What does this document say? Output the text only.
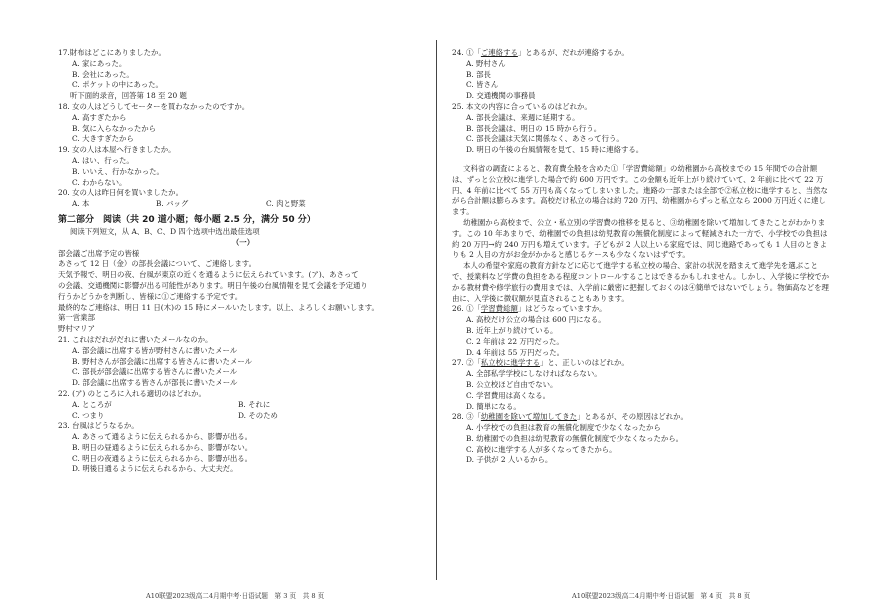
17.財布はどこにありましたか。
A. 家にあった。
B. 会社にあった。
C. ポケットの中にあった。
听下面的录音，回答第 18 至 20 题
18. 女の人はどうしてセーターを買わなかったのですか。
A. 高すぎたから
B. 気に入らなかったから
C. 大きすぎたから
19. 女の人は本屋へ行きましたか。
A. はい、行った。
B. いいえ、行かなかった。
C. わからない。
20. 女の人は昨日何を買いましたか。
A. 本	B. バッグ	C. 肉と野菜
第二部分　阅读（共 20 道小题；每小题 2.5 分，满分 50 分）
阅读下列短文，从 A、B、C、D 四个选项中选出最佳选项
（一）
部会議ご出席予定の皆様
あさって 12 日（金）の部長会議について、ご連絡します。
天気予報で、明日の夜、台風が東京の近くを通るように伝えられています。(ア)、あさって
の会議、交通機関に影響が出る可能性があります。明日午後の台風情報を見て会議を予定通り
行うかどうかを判断し、皆様に①ご連絡する予定です。
最終的なご連絡は、明日 11 日(木)の 15 時にメールいたします。以上、よろしくお願いします。
第一営業部
野村マリア
21. これはだれがだれに書いたメールなのか。
A. 部会議に出席する皆が野村さんに書いたメール
B. 野村さんが部会議に出席する皆さんに書いたメール
C. 部長が部会議に出席する皆さんに書いたメール
D. 部会議に出席する皆さんが部長に書いたメール
22. (ア) のところに入れる適切のはどれか。
A. ところが	B. それに
C. つまり	D. そのため
23. 台風はどうなるか。
A. あさって通るように伝えられるから、影響が出る。
B. 明日の昼通るように伝えられるから、影響がない。
C. 明日の夜通るように伝えられるから、影響が出る。
D. 明後日通るように伝えられるから、大丈夫だ。
24. ①「ご連絡する」とあるが、だれが連絡するか。
A. 野村さん
B. 部長
C. 皆さん
D. 交通機関の事務員
25. 本文の内容に合っているのはどれか。
A. 部長会議は、来週に延期する。
B. 部長会議は、明日の 15 時から行う。
C. 部長会議は天気に関係なく、あさって行う。
D. 明日の午後の台風情報を見て、15 時に連絡する。
文科省の調査によると、教育費全般を含めた①「学習費総額」の幼稚園から高校までの 15 年間での合計額は、ずっと公立校に進学した場合で約 600 万円です。この金額も近年上がり続けていて、2 年前に比べて 22 万円、4 年前に比べて 55 万円も高くなってしまいました。進路の一部または全部で②私立校に進学すると、当然ながら合計額は膨らみます。高校だけ私立の場合は約 720 万円、幼稚園からずっと私立なら 2000 万円近くに達します。
幼稚園から高校まで、公立・私立別の学習費の推移を見ると、③幼稚園を除いて増加してきたことがわかります。この 10 年あまりで、幼稚園での負担は幼児教育の無償化制度によって軽減された一方で、小学校での負担は約 20 万円→約 240 万円も増えています。子どもが 2 人以上いる家庭では、同じ進路であっても 1 人目のときよりも 2 人目の方がお金がかかると感じるケースも少なくないはずです。
本人の希望や家庭の教育方針などに応じて進学する私立校の場合、家計の状況を踏まえて進学先を選ぶことで、授業料など学費の負担をある程度コントロールすることはできるかもしれません。しかし、入学後に学校でかかる教材費や修学旅行の費用までは、入学前に厳密に把握しておくのは④簡単ではないでしょう。物価高などを理由に、入学後に徴収額が見直されることもあります。
26. ①「学習費総額」はどうなっていますか。
A. 高校だけ公立の場合は 600 円になる。
B. 近年上がり続けている。
C. 2 年前は 22 万円だった。
D. 4 年前は 55 万円だった。
27. ②「私立校に進学する」と、正しいのはどれか。
A. 全部私学学校にしなければならない。
B. 公立校ほど自由でない。
C. 学習費用は高くなる。
D. 簡単になる。
28. ③「幼稚園を除いて増加してきた」とあるが、その原因はどれか。
A. 小学校での負担は教育の無償化制度で少なくなったから
B. 幼稚園での負担は幼児教育の無償化制度で少なくなったから。
C. 高校に進学する人が多くなってきたから。
D. 子供が 2 人いるから。
A10联盟2023级高二4月期中考·日语试题　第 3 页　共 8 页	A10联盟2023级高二4月期中考·日语试题　第 4 页　共 8 页
